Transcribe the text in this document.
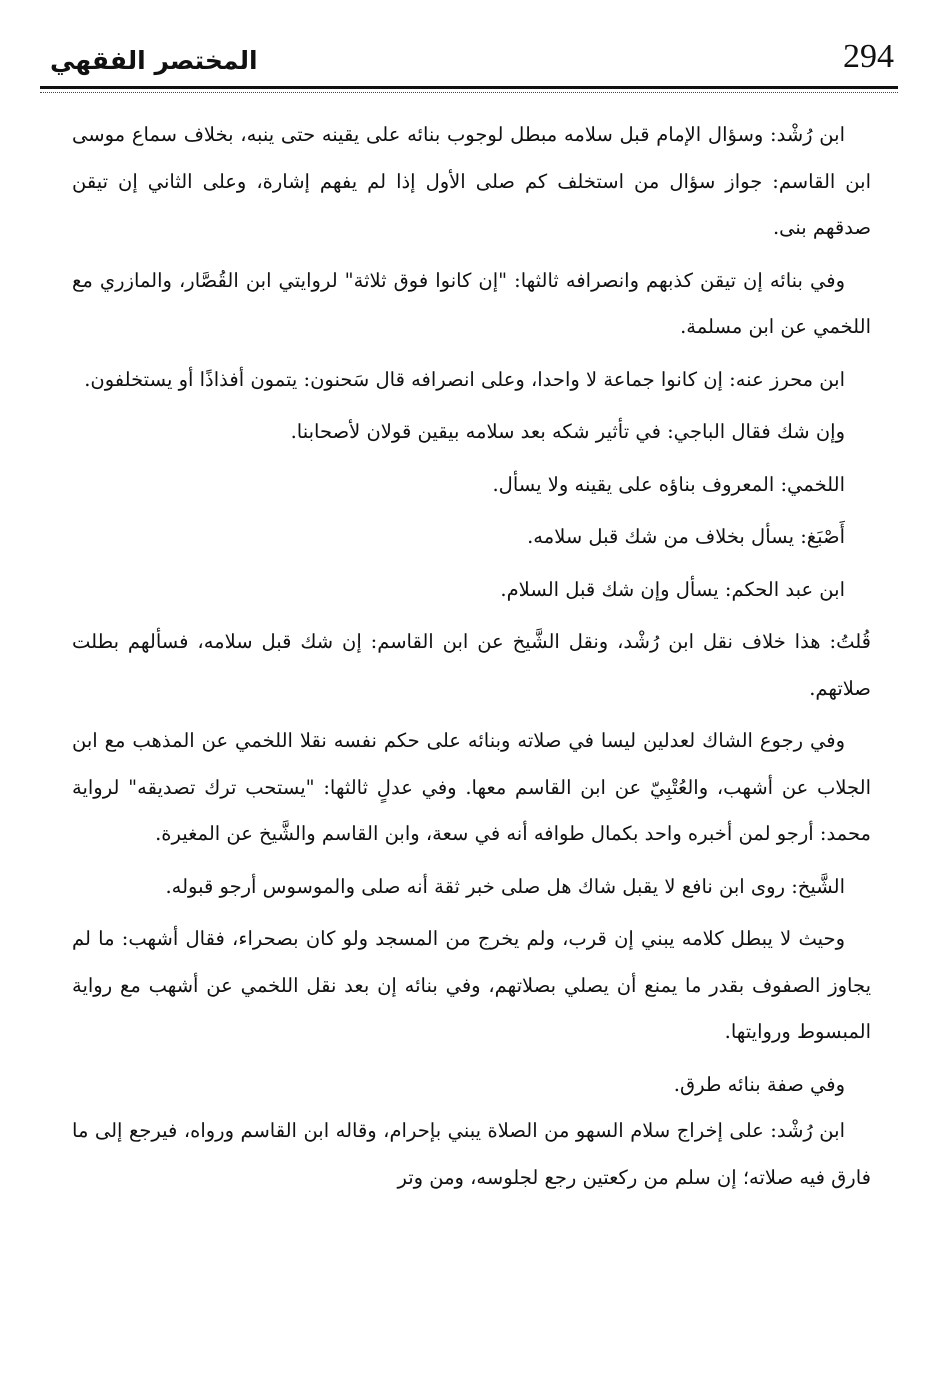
المختصر الفقهي	294

ابن رُشْد: وسؤال الإمام قبل سلامه مبطل لوجوب بنائه على يقينه حتى ينبه، بخلاف سماع موسى ابن القاسم: جواز سؤال من استخلف كم صلى الأول إذا لم يفهم إشارة، وعلى الثاني إن تيقن صدقهم بنى.

وفي بنائه إن تيقن كذبهم وانصرافه ثالثها: "إن كانوا فوق ثلاثة" لروايتي ابن القُصَّار، والمازري مع اللخمي عن ابن مسلمة.

ابن محرز عنه: إن كانوا جماعة لا واحدا، وعلى انصرافه قال سَحنون: يتمون أفذاذًا أو يستخلفون.

وإن شك فقال الباجي: في تأثير شكه بعد سلامه بيقين قولان لأصحابنا.

اللخمي: المعروف بناؤه على يقينه ولا يسأل.

أَصْبَغ: يسأل بخلاف من شك قبل سلامه.

ابن عبد الحكم: يسأل وإن شك قبل السلام.

قُلتُ: هذا خلاف نقل ابن رُشْد، ونقل الشَّيخ عن ابن القاسم: إن شك قبل سلامه، فسألهم بطلت صلاتهم.

وفي رجوع الشاك لعدلين ليسا في صلاته وبنائه على حكم نفسه نقلا اللخمي عن المذهب مع ابن الجلاب عن أشهب، والعُتْبِيّ عن ابن القاسم معها. وفي عدلٍ ثالثها: "يستحب ترك تصديقه" لرواية محمد: أرجو لمن أخبره واحد بكمال طوافه أنه في سعة، وابن القاسم والشَّيخ عن المغيرة.

الشَّيخ: روى ابن نافع لا يقبل شاك هل صلى خبر ثقة أنه صلى والموسوس أرجو قبوله.

وحيث لا يبطل كلامه يبني إن قرب، ولم يخرج من المسجد ولو كان بصحراء، فقال أشهب: ما لم يجاوز الصفوف بقدر ما يمنع أن يصلي بصلاتهم، وفي بنائه إن بعد نقل اللخمي عن أشهب مع رواية المبسوط وروايتها.

وفي صفة بنائه طرق.

ابن رُشْد: على إخراج سلام السهو من الصلاة يبني بإحرام، وقاله ابن القاسم ورواه، فيرجع إلى ما فارق فيه صلاته؛ إن سلم من ركعتين رجع لجلوسه، ومن وتر
